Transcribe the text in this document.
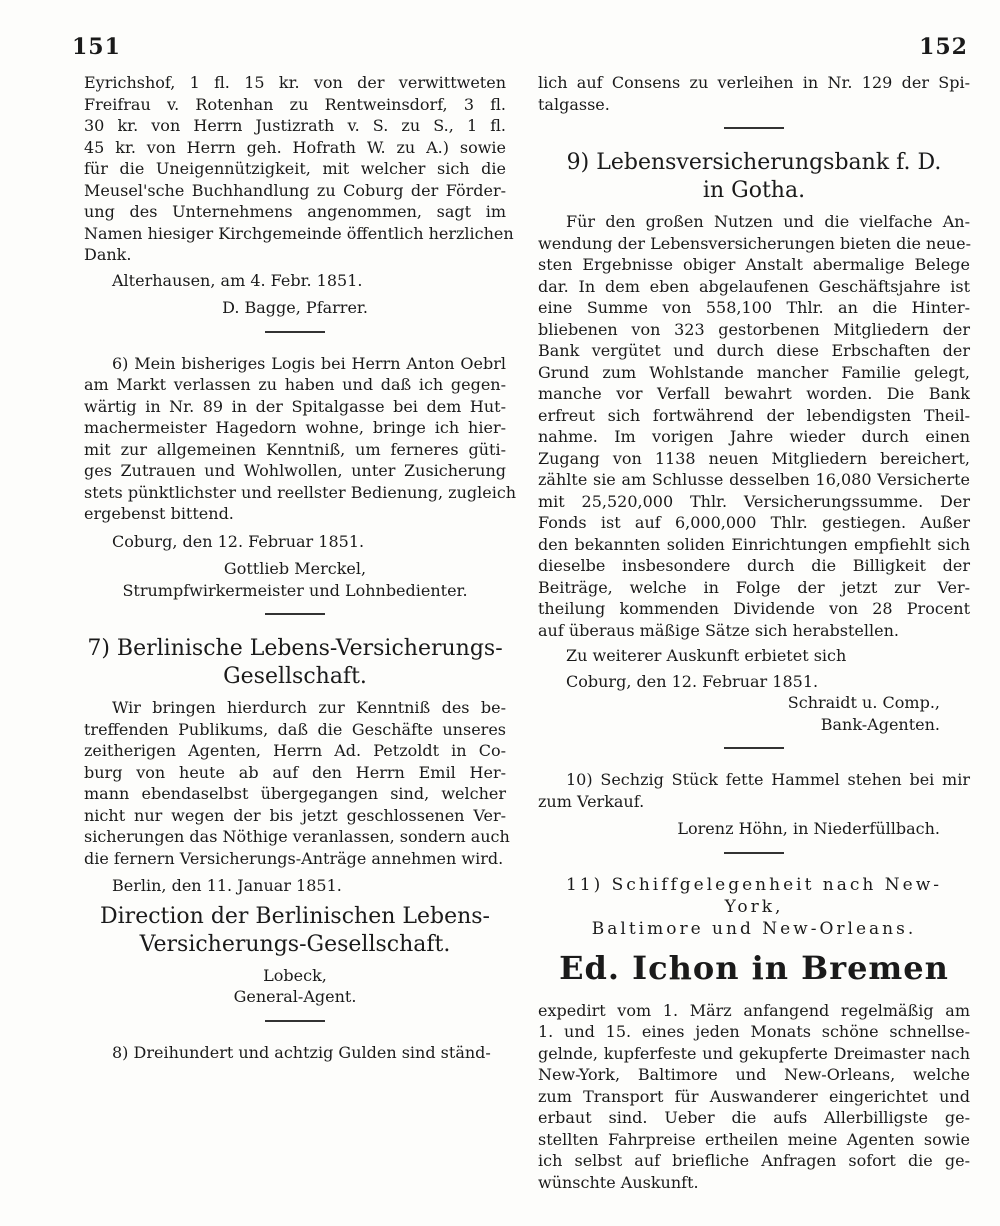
151	152

Eyrichshof, 1 fl. 15 kr. von der verwittweten
Freifrau v. Rotenhan zu Rentweinsdorf, 3 fl.
30 kr. von Herrn Justizrath v. S. zu S., 1 fl.
45 kr. von Herrn geh. Hofrath W. zu A.) sowie
für die Uneigennützigkeit, mit welcher sich die
Meusel'sche Buchhandlung zu Coburg der Förder-
ung des Unternehmens angenommen, sagt im
Namen hiesiger Kirchgemeinde öffentlich herzlichen
Dank.

Alterhausen, am 4. Febr. 1851.
D. Bagge, Pfarrer.

6) Mein bisheriges Logis bei Herrn Anton Oebrl
am Markt verlassen zu haben und daß ich gegen-
wärtig in Nr. 89 in der Spitalgasse bei dem Hut-
machermeister Hagedorn wohne, bringe ich hier-
mit zur allgemeinen Kenntniß, um ferneres güti-
ges Zutrauen und Wohlwollen, unter Zusicherung
stets pünktlichster und reellster Bedienung, zugleich
ergebenst bittend.

Coburg, den 12. Februar 1851.
Gottlieb Merckel,
Strumpfwirkermeister und Lohnbedienter.
7) Berlinische Lebens-Versicherungs-
Gesellschaft.

Wir bringen hierdurch zur Kenntniß des be-
treffenden Publikums, daß die Geschäfte unseres
zeitherigen Agenten, Herrn Ad. Petzoldt in Co-
burg von heute ab auf den Herrn Emil Her-
mann ebendaselbst übergegangen sind, welcher
nicht nur wegen der bis jetzt geschlossenen Ver-
sicherungen das Nöthige veranlassen, sondern auch
die fernern Versicherungs-Anträge annehmen wird.

Berlin, den 11. Januar 1851.
Direction der Berlinischen Lebens-
Versicherungs-Gesellschaft.
Lobeck,
General-Agent.
8) Dreihundert und achtzig Gulden sind ständ-

lich auf Consens zu verleihen in Nr. 129 der Spi-
talgasse.

9) Lebensversicherungsbank f. D.
in Gotha.

Für den großen Nutzen und die vielfache An-
wendung der Lebensversicherungen bieten die neue-
sten Ergebnisse obiger Anstalt abermalige Belege
dar. In dem eben abgelaufenen Geschäftsjahre ist
eine Summe von 558,100 Thlr. an die Hinter-
bliebenen von 323 gestorbenen Mitgliedern der
Bank vergütet und durch diese Erbschaften der
Grund zum Wohlstande mancher Familie gelegt,
manche vor Verfall bewahrt worden. Die Bank
erfreut sich fortwährend der lebendigsten Theil-
nahme. Im vorigen Jahre wieder durch einen
Zugang von 1138 neuen Mitgliedern bereichert,
zählte sie am Schlusse desselben 16,080 Versicherte
mit 25,520,000 Thlr. Versicherungssumme. Der
Fonds ist auf 6,000,000 Thlr. gestiegen. Außer
den bekannten soliden Einrichtungen empfiehlt sich
dieselbe insbesondere durch die Billigkeit der
Beiträge, welche in Folge der jetzt zur Ver-
theilung kommenden Dividende von 28 Procent
auf überaus mäßige Sätze sich herabstellen.

Zu weiterer Auskunft erbietet sich
Coburg, den 12. Februar 1851.
Schraidt u. Comp.,
Bank-Agenten.

10) Sechzig Stück fette Hammel stehen bei mir
zum Verkauf.

Lorenz Höhn, in Niederfüllbach.
11) Schiffgelegenheit nach New-York,
Baltimore und New-Orleans.
Ed. Ichon in Bremen

expedirt vom 1. März anfangend regelmäßig am
1. und 15. eines jeden Monats schöne schnellse-
gelnde, kupferfeste und gekupferte Dreimaster nach
New-York, Baltimore und New-Orleans, welche
zum Transport für Auswanderer eingerichtet und
erbaut sind. Ueber die aufs Allerbilligste ge-
stellten Fahrpreise ertheilen meine Agenten sowie
ich selbst auf briefliche Anfragen sofort die ge-
wünschte Auskunft.
